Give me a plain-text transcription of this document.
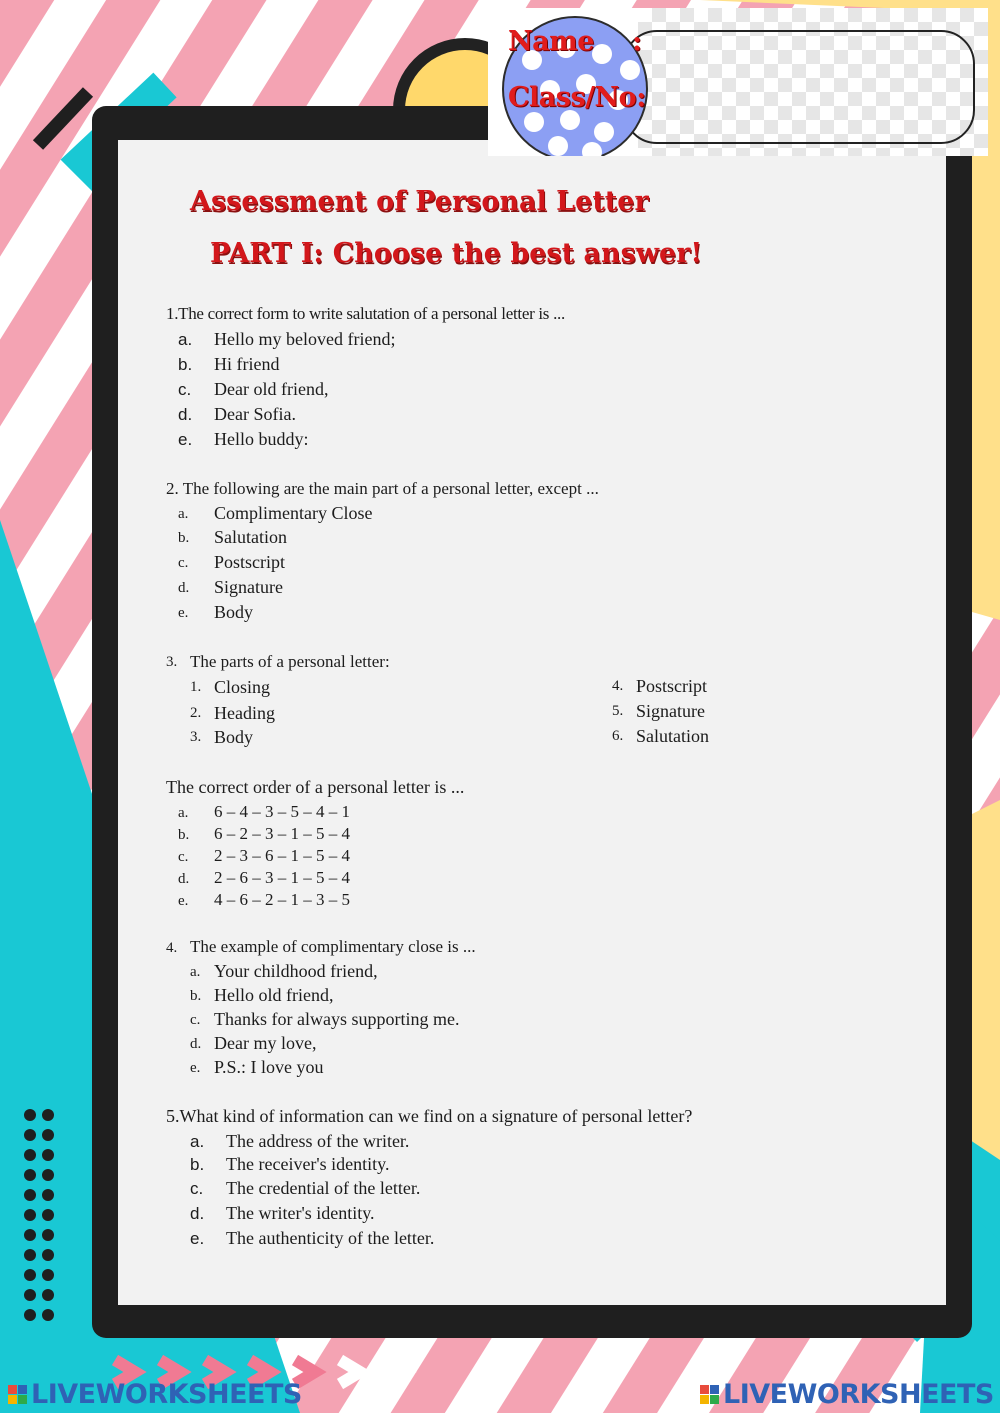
Name :
Class/No:
Assessment of Personal Letter
PART I: Choose the best answer!
1.The correct form to write salutation of a personal letter is ...
a. Hello my beloved friend;
b. Hi friend
c. Dear old friend,
d. Dear Sofia.
e. Hello buddy:
2. The following are the main part of a personal letter, except ...
a. Complimentary Close
b. Salutation
c. Postscript
d. Signature
e. Body
3. The parts of a personal letter:
1. Closing
2. Heading
3. Body
4. Postscript
5. Signature
6. Salutation
The correct order of a personal letter is ...
a. 6 – 4 – 3 – 5 – 4 – 1
b. 6 – 2 – 3 – 1 – 5 – 4
c. 2 – 3 – 6 – 1 – 5 – 4
d. 2 – 6 – 3 – 1 – 5 – 4
e. 4 – 6 – 2 – 1 – 3 – 5
4. The example of complimentary close is ...
a. Your childhood friend,
b. Hello old friend,
c. Thanks for always supporting me.
d. Dear my love,
e. P.S.: I love you
5.What kind of information can we find on a signature of personal letter?
a. The address of the writer.
b. The receiver's identity.
c. The credential of the letter.
d. The writer's identity.
e. The authenticity of the letter.
LIVEWORKSHEETS	LIVEWORKSHEETS
